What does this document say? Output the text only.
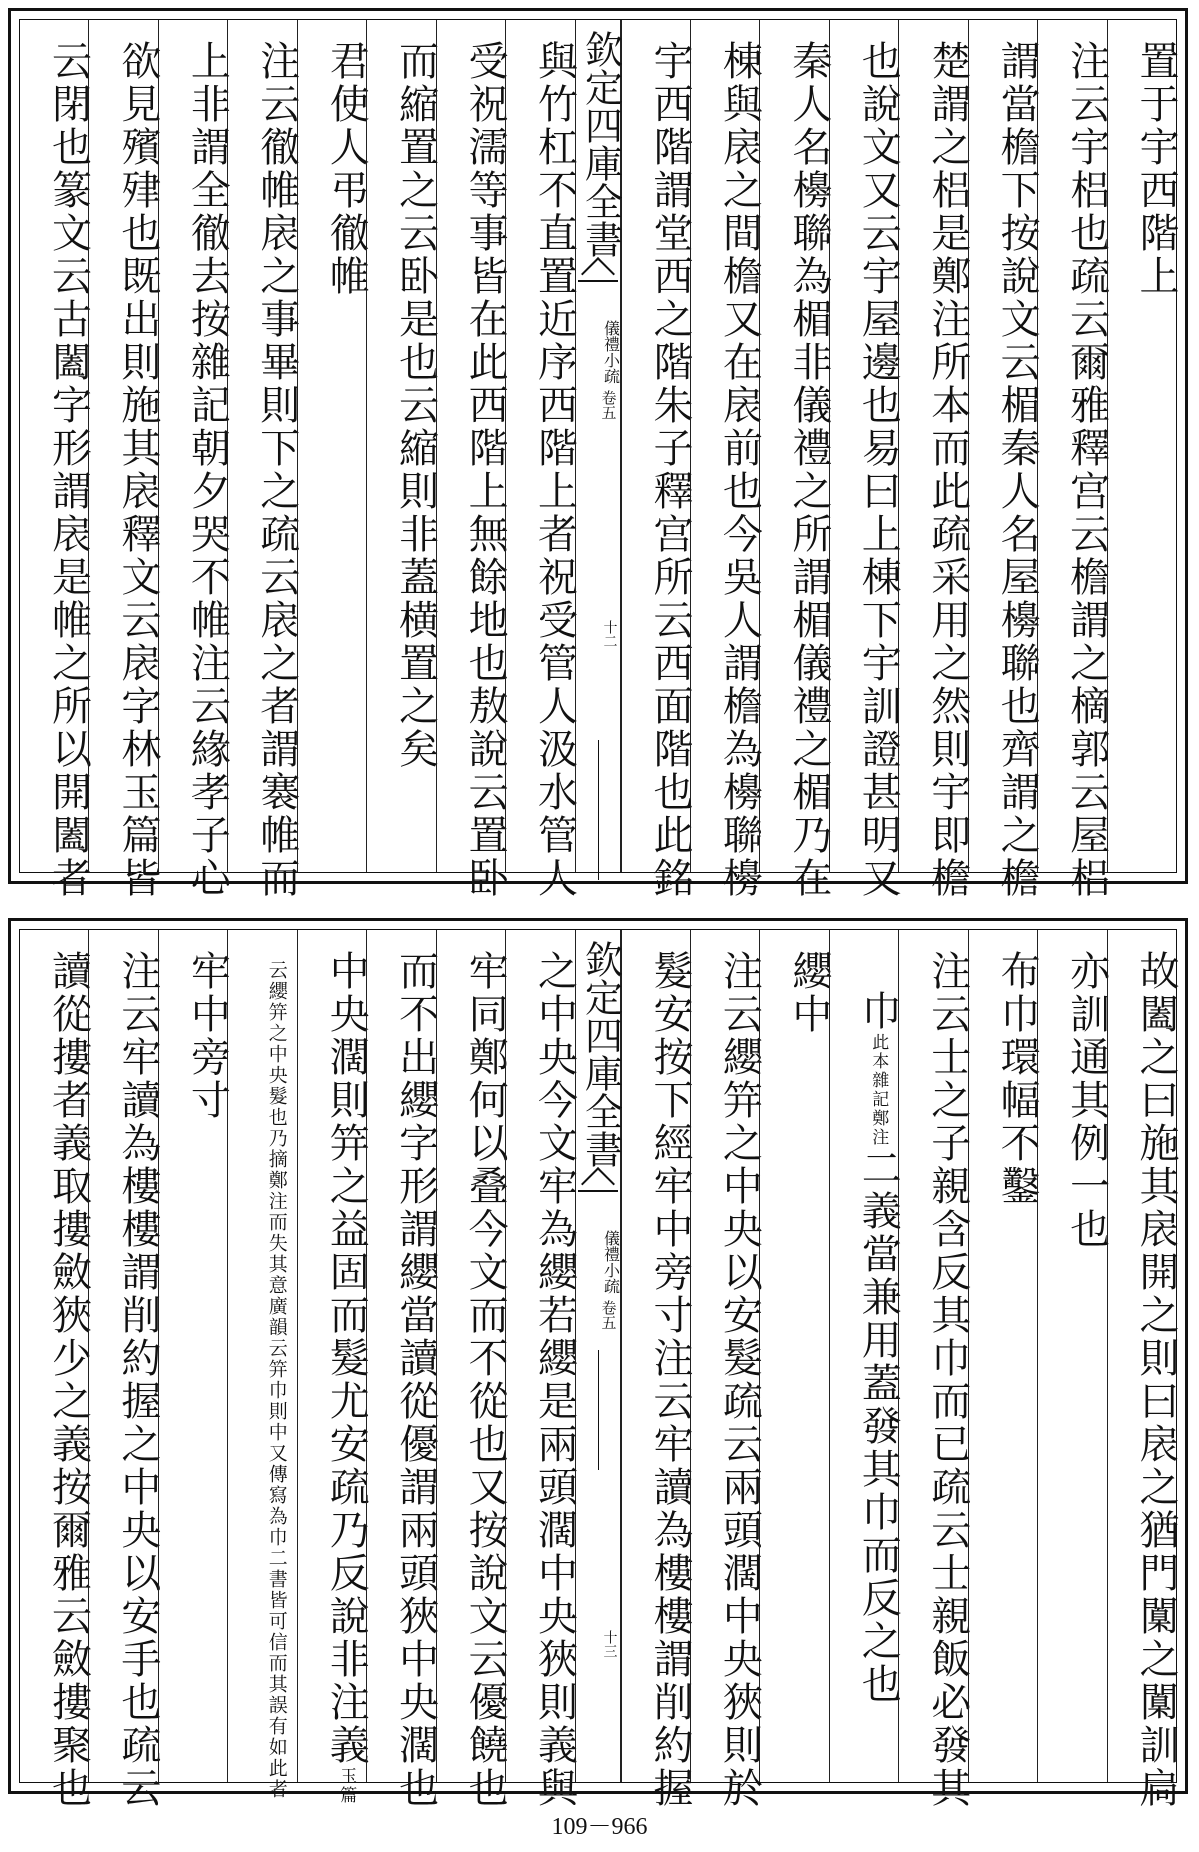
置于宇西階上
注云宇梠也疏云爾雅釋宫云檐謂之樀郭云屋梠
謂當檐下按說文云楣秦人名屋櫋聯也齊謂之檐
楚謂之梠是鄭注所本而此疏采用之然則宇即檐
也說文又云宇屋邊也易曰上棟下宇訓證甚明又
秦人名櫋聯為楣非儀禮之所謂楣儀禮之楣乃在
棟與扆之間檐又在扆前也今吳人謂檐為櫋聯櫋
宇西階謂堂西之階朱子釋宫所云西面階也此銘
欽定四庫全書
儀禮小疏
卷五
十二
與竹杠不直置近序西階上者祝受管人汲水管人
受祝濡等事皆在此西階上無餘地也敖說云置卧
而縮置之云卧是也云縮則非蓋横置之矣
君使人弔徹帷
注云徹帷扆之事畢則下之疏云扆之者謂褰帷而
上非謂全徹去按雜記朝夕哭不帷注云緣孝子心
欲見殯肂也既出則施其扆釋文云扆字林玉篇皆
云閉也篆文云古闔字形謂扆是帷之所以開闔者
故闔之曰施其扆開之則曰扆之猶門闑之闑訓扃
亦訓通其例一也
布巾環幅不鑿
注云士之子親含反其巾而已疏云士親飯必發其
巾此本雜記鄭注二義當兼用蓋發其巾而反之也
纓中
注云纓笄之中央以安髮疏云兩頭濶中央狹則於
髮安按下經牢中旁寸注云牢讀為樓樓謂削約握
欽定四庫全書
儀禮小疏
卷五
十三
之中央今文牢為纓若纓是兩頭濶中央狹則義與
牢同鄭何以叠今文而不從也又按說文云優饒也
而不出纓字形謂纓當讀從優謂兩頭狹中央濶也
中央濶則笄之益固而髮尤安疏乃反說非注義玉篇
云纓笄之中央髮也乃摘鄭注而失其意廣韻云笄巾則中又傳寫為巾二書皆可信而其誤有如此者
牢中旁寸
注云牢讀為樓樓謂削約握之中央以安手也疏云
讀從摟者義取摟斂狹少之義按爾雅云斂摟聚也
109－966
